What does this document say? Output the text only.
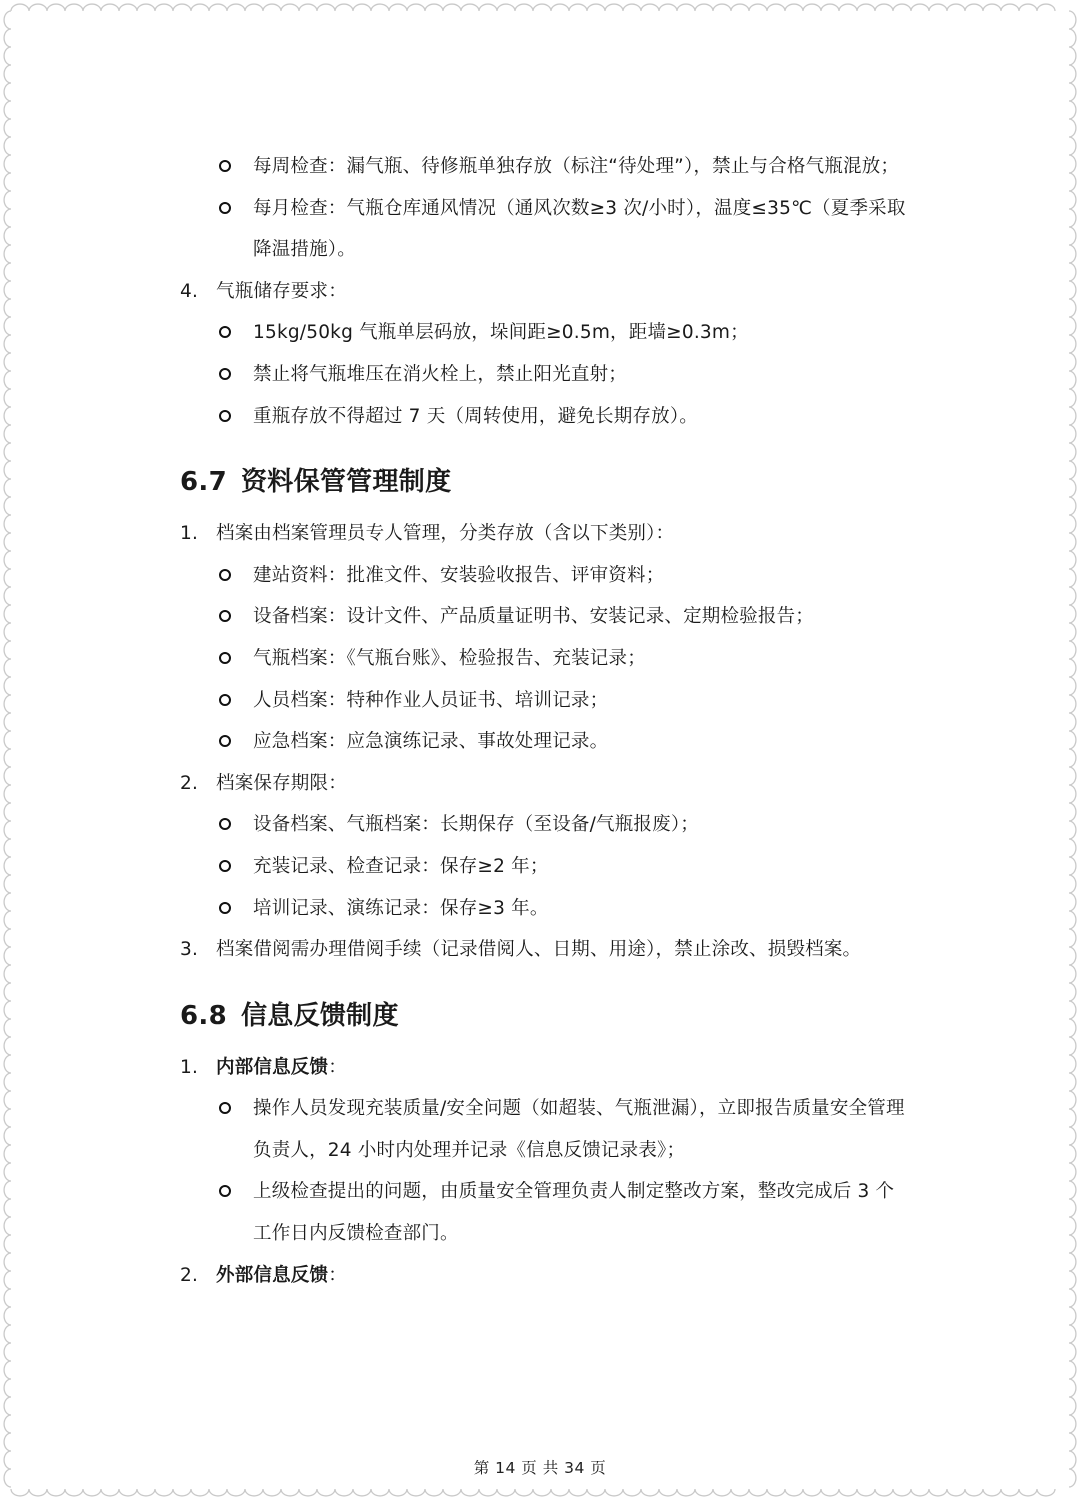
每周检查：漏气瓶、待修瓶单独存放（标注“待处理”），禁止与合格气瓶混放；
每月检查：气瓶仓库通风情况（通风次数≥3 次/小时），温度≤35℃（夏季采取降温措施）。
4. 气瓶储存要求：
15kg/50kg 气瓶单层码放，垛间距≥0.5m，距墙≥0.3m；
禁止将气瓶堆压在消火栓上，禁止阳光直射；
重瓶存放不得超过 7 天（周转使用，避免长期存放）。
6.7 资料保管管理制度
1. 档案由档案管理员专人管理，分类存放（含以下类别）：
建站资料：批准文件、安装验收报告、评审资料；
设备档案：设计文件、产品质量证明书、安装记录、定期检验报告；
气瓶档案：《气瓶台账》、检验报告、充装记录；
人员档案：特种作业人员证书、培训记录；
应急档案：应急演练记录、事故处理记录。
2. 档案保存期限：
设备档案、气瓶档案：长期保存（至设备/气瓶报废）；
充装记录、检查记录：保存≥2 年；
培训记录、演练记录：保存≥3 年。
3. 档案借阅需办理借阅手续（记录借阅人、日期、用途），禁止涂改、损毁档案。
6.8 信息反馈制度
1. 内部信息反馈：
操作人员发现充装质量/安全问题（如超装、气瓶泄漏），立即报告质量安全管理负责人，24 小时内处理并记录《信息反馈记录表》；
上级检查提出的问题，由质量安全管理负责人制定整改方案，整改完成后 3 个工作日内反馈检查部门。
2. 外部信息反馈：
第 14 页 共 34 页
